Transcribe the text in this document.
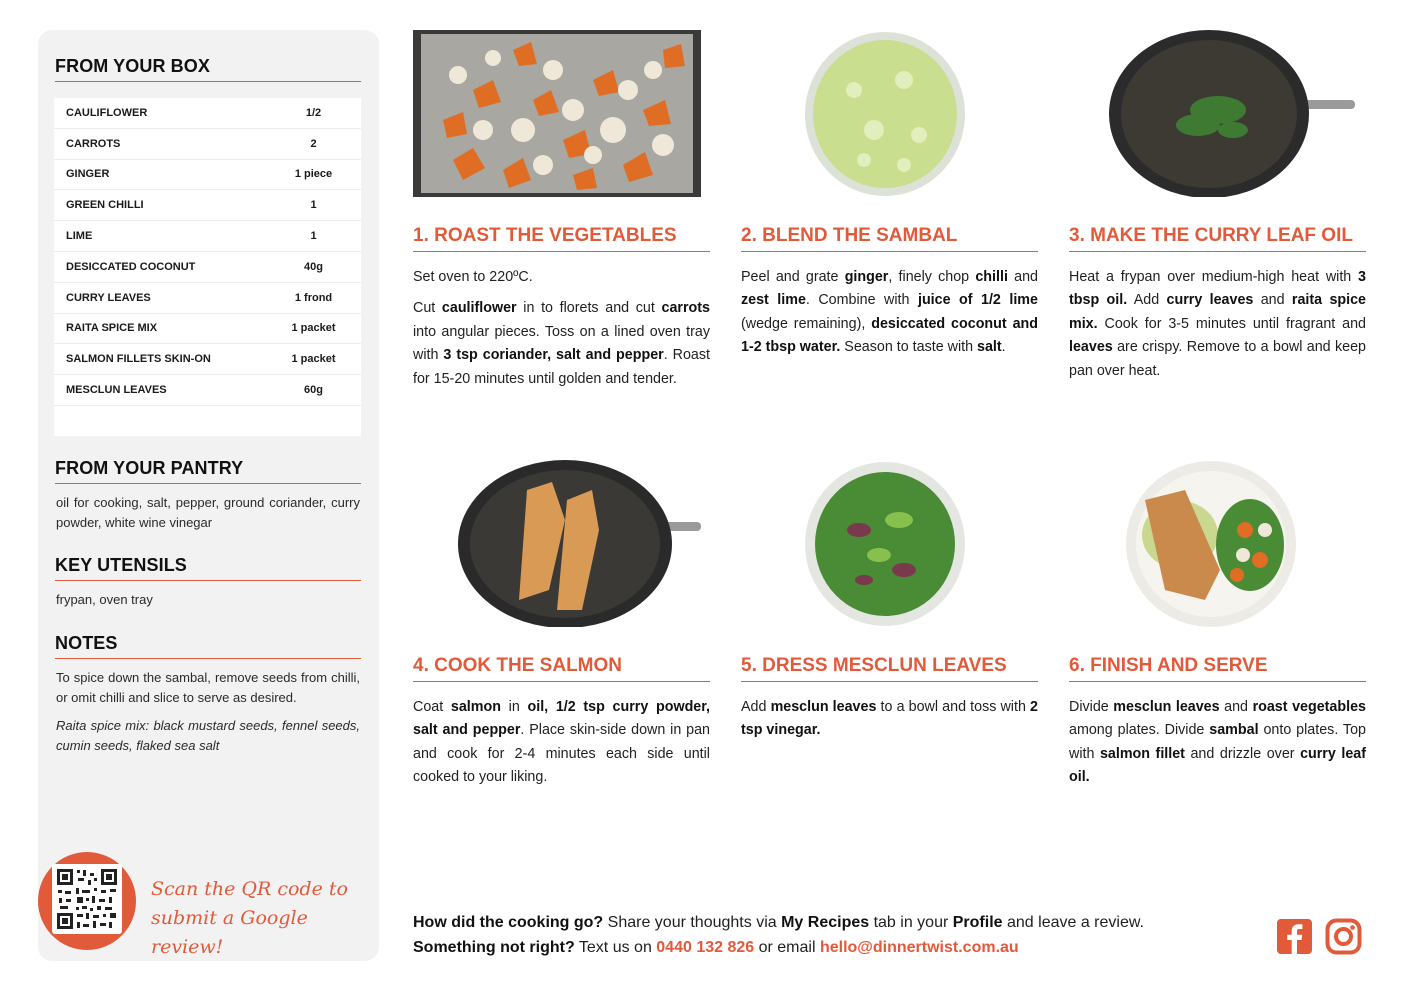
FROM YOUR BOX
CAULIFLOWER	1/2
CARROTS	2
GINGER	1 piece
GREEN CHILLI	1
LIME	1
DESICCATED COCONUT	40g
CURRY LEAVES	1 frond
RAITA SPICE MIX	1 packet
SALMON FILLETS SKIN-ON	1 packet
MESCLUN LEAVES	60g
FROM YOUR PANTRY
oil for cooking, salt, pepper, ground coriander, curry powder, white wine vinegar
KEY UTENSILS
frypan, oven tray
NOTES
To spice down the sambal, remove seeds from chilli, or omit chilli and slice to serve as desired.
Raita spice mix: black mustard seeds, fennel seeds, cumin seeds, flaked sea salt
Scan the QR code to
submit a Google review!
1. ROAST THE VEGETABLES

Set oven to 220ºC.

Cut cauliflower in to florets and cut carrots into angular pieces. Toss on a lined oven tray with 3 tsp coriander, salt and pepper. Roast for 15-20 minutes until golden and tender.

2. BLEND THE SAMBAL

Peel and grate ginger, finely chop chilli and zest lime. Combine with juice of 1/2 lime (wedge remaining), desiccated coconut and 1-2 tbsp water. Season to taste with salt.

3. MAKE THE CURRY LEAF OIL

Heat a frypan over medium-high heat with 3 tbsp oil. Add curry leaves and raita spice mix. Cook for 3-5 minutes until fragrant and leaves are crispy. Remove to a bowl and keep pan over heat.

4. COOK THE SALMON

Coat salmon in oil, 1/2 tsp curry powder, salt and pepper. Place skin-side down in pan and cook for 2-4 minutes each side until cooked to your liking.

5. DRESS MESCLUN LEAVES

Add mesclun leaves to a bowl and toss with 2 tsp vinegar.

6. FINISH AND SERVE

Divide mesclun leaves and roast vegetables among plates. Divide sambal onto plates. Top with salmon fillet and drizzle over curry leaf oil.

How did the cooking go? Share your thoughts via My Recipes tab in your Profile and leave a review.
Something not right? Text us on 0440 132 826 or email hello@dinnertwist.com.au
